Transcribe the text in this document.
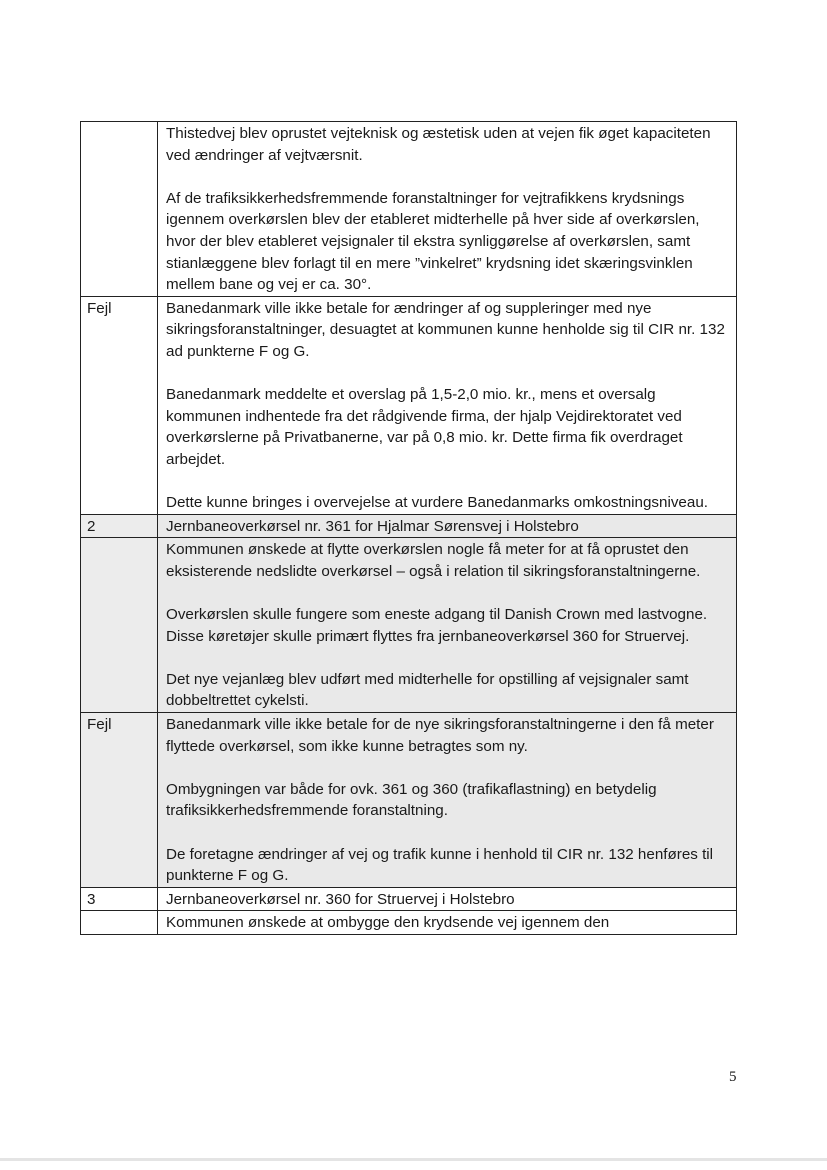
	Thistedvej blev oprustet vejteknisk og æstetisk uden at vejen fik øget kapaciteten ved ændringer af vejtværsnit.

Af de trafiksikkerhedsfremmende foranstaltninger for vejtrafikkens krydsnings igennem overkørslen blev der etableret midterhelle på hver side af overkørslen, hvor der blev etableret vejsignaler til ekstra synliggørelse af overkørslen, samt stianlæggene blev forlagt til en mere ”vinkelret” krydsning idet skæringsvinklen mellem bane og vej er ca. 30°.

Fejl	Banedanmark ville ikke betale for ændringer af og suppleringer med nye sikringsforanstaltninger, desuagtet at kommunen kunne henholde sig til CIR nr. 132 ad punkterne F og G.

Banedanmark meddelte et overslag på 1,5-2,0 mio. kr., mens et oversalg kommunen indhentede fra det rådgivende firma, der hjalp Vejdirektoratet ved overkørslerne på Privatbanerne, var på 0,8 mio. kr. Dette firma fik overdraget arbejdet.

Dette kunne bringes i overvejelse at vurdere Banedanmarks omkostningsniveau.

2	Jernbaneoverkørsel nr. 361 for Hjalmar Sørensvej i Holstebro

	Kommunen ønskede at flytte overkørslen nogle få meter for at få oprustet den eksisterende nedslidte overkørsel – også i relation til sikringsforanstaltningerne.

Overkørslen skulle fungere som eneste adgang til Danish Crown med lastvogne. Disse køretøjer skulle primært flyttes fra jernbaneoverkørsel 360 for Struervej.

Det nye vejanlæg blev udført med midterhelle for opstilling af vejsignaler samt dobbeltrettet cykelsti.

Fejl	Banedanmark ville ikke betale for de nye sikringsforanstaltningerne i den få meter flyttede overkørsel, som ikke kunne betragtes som ny.

Ombygningen var både for ovk. 361 og 360 (trafikaflastning) en betydelig trafiksikkerhedsfremmende foranstaltning.

De foretagne ændringer af vej og trafik kunne i henhold til CIR nr. 132 henføres til punkterne F og G.

3	Jernbaneoverkørsel nr. 360 for Struervej i Holstebro

	Kommunen ønskede at ombygge den krydsende vej igennem den

5
